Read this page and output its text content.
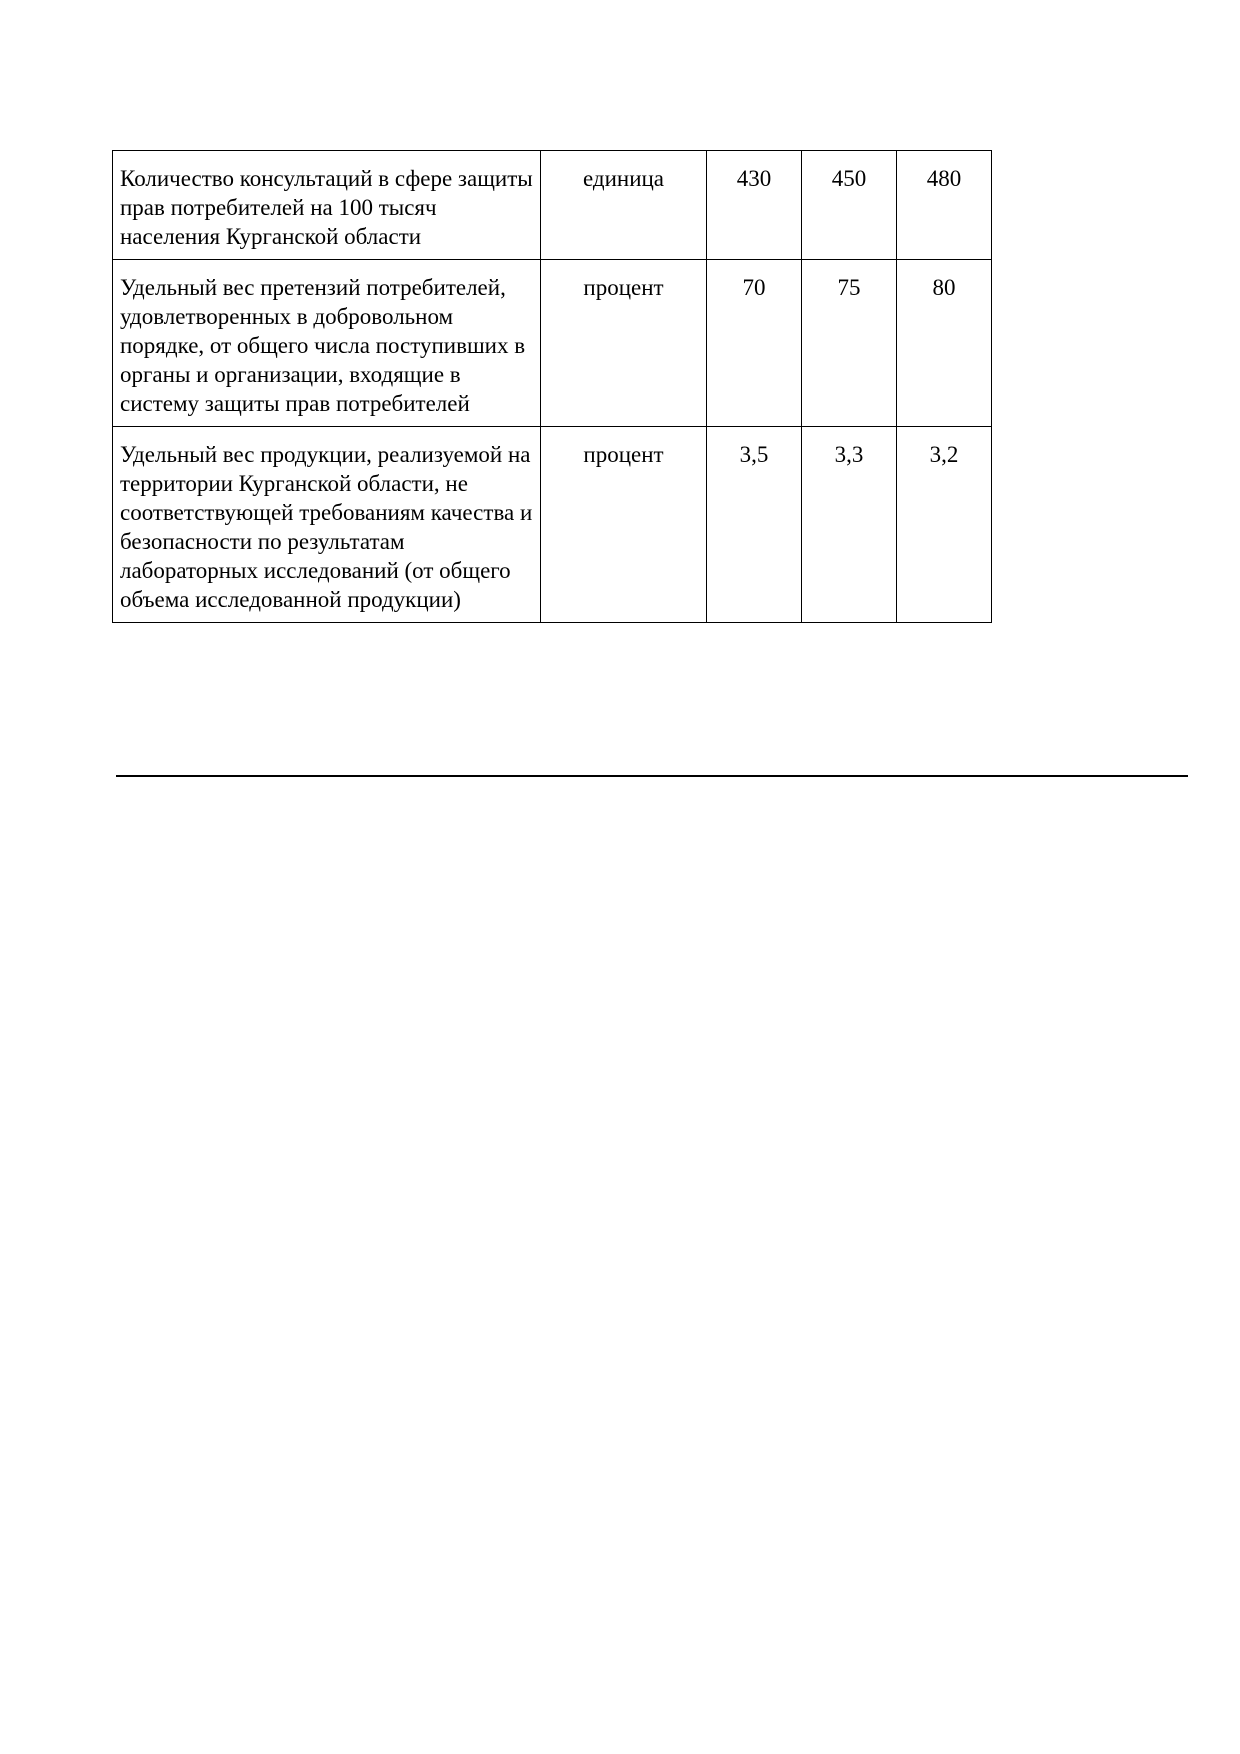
Количество консультаций в сфере защиты прав потребителей на 100 тысяч населения Курганской области	единица	430	450	480
Удельный вес претензий потребителей, удовлетворенных в добровольном порядке, от общего числа поступивших в органы и организации, входящие в систему защиты прав потребителей	процент	70	75	80
Удельный вес продукции, реализуемой на территории Курганской области, не соответствующей требованиям качества и безопасности по результатам лабораторных исследований (от общего объема исследованной продукции)	процент	3,5	3,3	3,2
